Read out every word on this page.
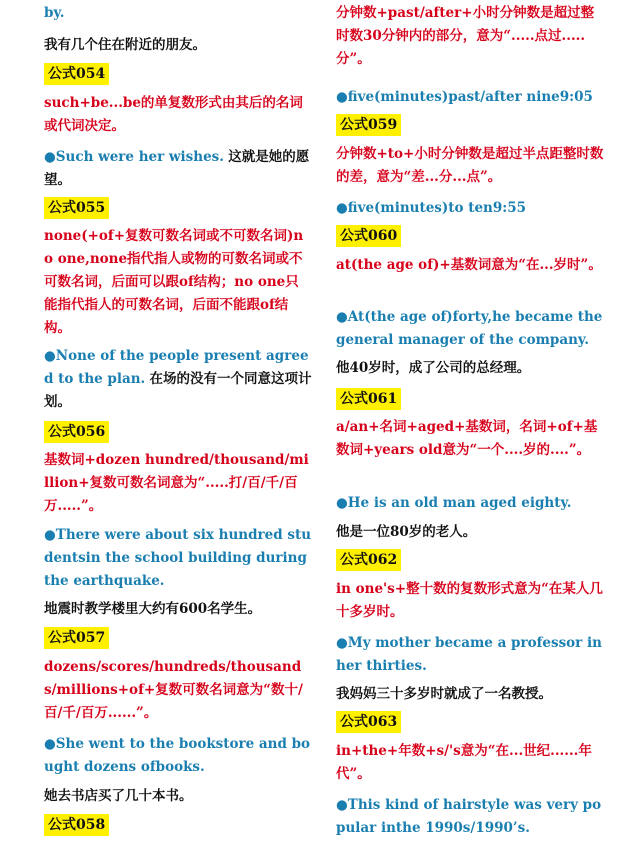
by.
我有几个住在附近的朋友。
公式054
such+be...be的单复数形式由其后的名词或代词决定。
●Such were her wishes. 这就是她的愿望。
公式055
none(+of+复数可数名词或不可数名词)no one,none指代指人或物的可数名词或不可数名词，后面可以跟of结构；no one只能指代指人的可数名词，后面不能跟of结构。
●None of the people present agreed to the plan. 在场的没有一个同意这项计划。
公式056
基数词+dozen hundred/thousand/million+复数可数名词意为“.....打/百/千/百万.....”。
●There were about six hundred studentsin the school building during the earthquake.
地震时教学楼里大约有600名学生。
公式057
dozens/scores/hundreds/thousands/millions+of+复数可数名词意为“数十/百/千/百万......”。
●She went to the bookstore and bought dozens ofbooks.
她去书店买了几十本书。
公式058
分钟数+past/after+小时分钟数是超过整时数30分钟内的部分，意为“.....点过.....分”。
●five(minutes)past/after nine9:05
公式059
分钟数+to+小时分钟数是超过半点距整时数的差，意为“差...分...点”。
●five(minutes)to ten9:55
公式060
at(the age of)+基数词意为“在...岁时”。
●At(the age of)forty,he became the general manager of the company.
他40岁时，成了公司的总经理。
公式061
a/an+名词+aged+基数词，名词+of+基数词+years old意为“一个....岁的....”。
●He is an old man aged eighty.
他是一位80岁的老人。
公式062
in one's+整十数的复数形式意为“在某人几十多岁时。
●My mother became a professor in her thirties.
我妈妈三十多岁时就成了一名教授。
公式063
in+the+年数+s/'s意为“在...世纪......年代”。
●This kind of hairstyle was very popular inthe 1990s/1990’s.
